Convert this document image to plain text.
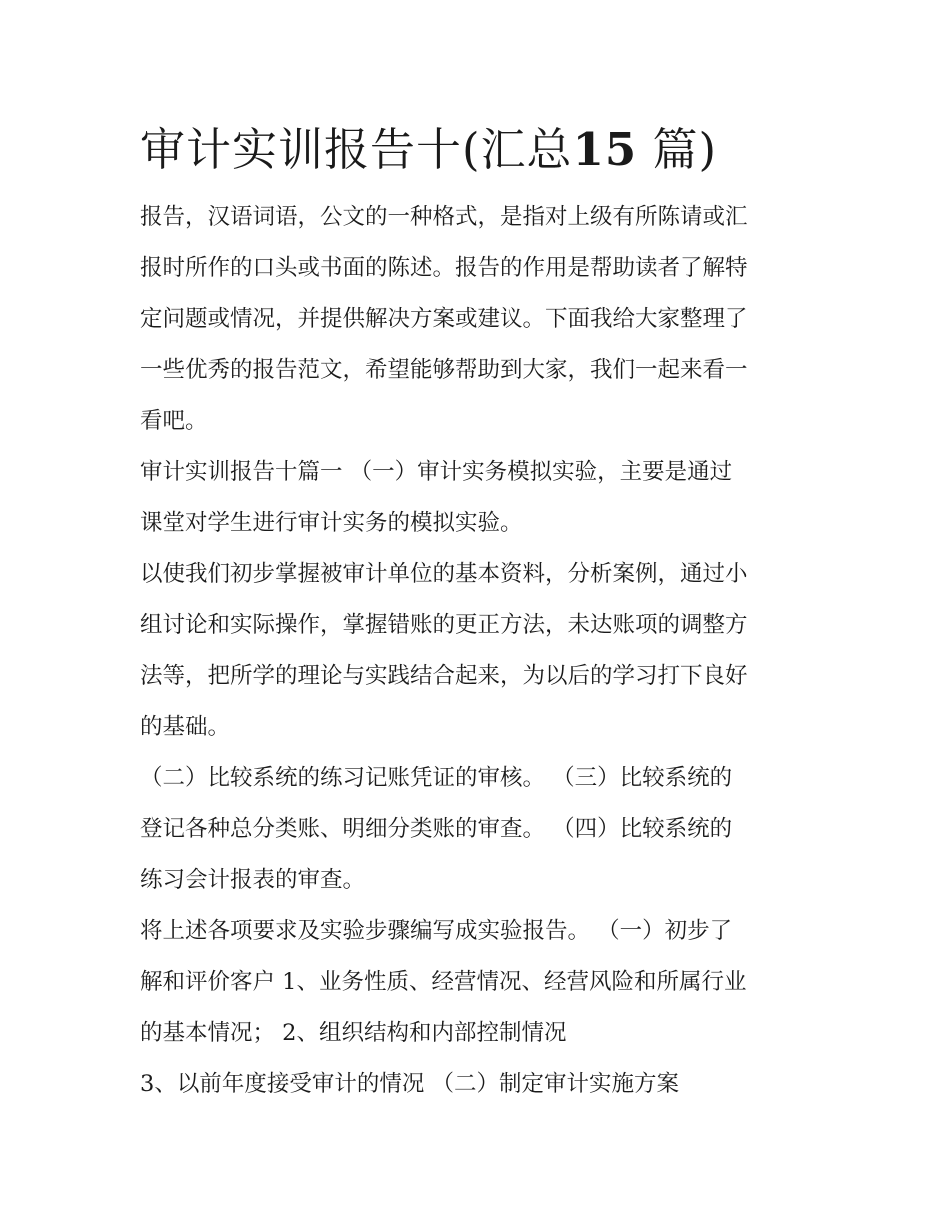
审计实训报告十(汇总15 篇)

报告，汉语词语，公文的一种格式，是指对上级有所陈请或汇

报时所作的口头或书面的陈述。报告的作用是帮助读者了解特

定问题或情况，并提供解决方案或建议。下面我给大家整理了

一些优秀的报告范文，希望能够帮助到大家，我们一起来看一

看吧。

审计实训报告十篇一 （一）审计实务模拟实验，主要是通过

课堂对学生进行审计实务的模拟实验。

以使我们初步掌握被审计单位的基本资料，分析案例，通过小

组讨论和实际操作，掌握错账的更正方法，未达账项的调整方

法等，把所学的理论与实践结合起来，为以后的学习打下良好

的基础。

（二）比较系统的练习记账凭证的审核。 （三）比较系统的

登记各种总分类账、明细分类账的审查。 （四）比较系统的

练习会计报表的审查。

将上述各项要求及实验步骤编写成实验报告。 （一）初步了

解和评价客户 1、业务性质、经营情况、经营风险和所属行业

的基本情况； 2、组织结构和内部控制情况

3、以前年度接受审计的情况 （二）制定审计实施方案
